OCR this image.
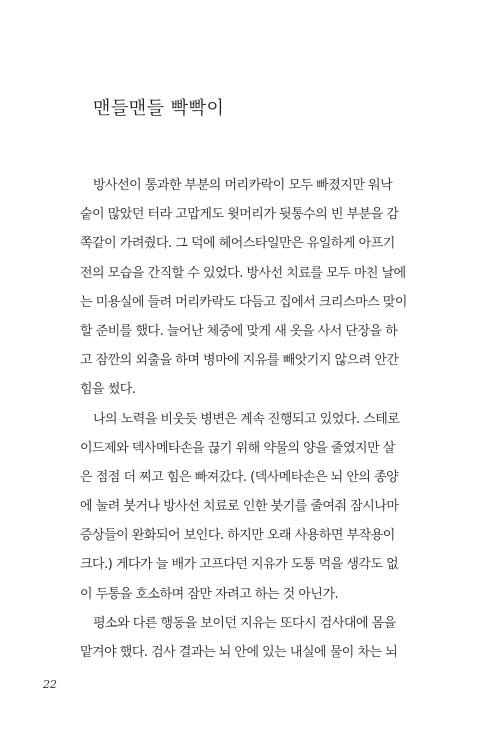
맨들맨들 빡빡이
방사선이 통과한 부분의 머리카락이 모두 빠졌지만 워낙
숱이 많았던 터라 고맙게도 윗머리가 뒷통수의 빈 부분을 감
쪽같이 가려줬다. 그 덕에 헤어스타일만은 유일하게 아프기
전의 모습을 간직할 수 있었다. 방사선 치료를 모두 마친 날에
는 미용실에 들려 머리카락도 다듬고 집에서 크리스마스 맞이
할 준비를 했다. 늘어난 체중에 맞게 새 옷을 사서 단장을 하
고 잠깐의 외출을 하며 병마에 지유를 빼앗기지 않으려 안간
힘을 썼다.
나의 노력을 비웃듯 병변은 계속 진행되고 있었다. 스테로
이드제와 덱사메타손을 끊기 위해 약물의 양을 줄였지만 살
은 점점 더 찌고 힘은 빠져갔다. (덱사메타손은 뇌 안의 종양
에 눌려 붓거나 방사선 치료로 인한 붓기를 줄여줘 잠시나마
증상들이 완화되어 보인다. 하지만 오래 사용하면 부작용이
크다.) 게다가 늘 배가 고프다던 지유가 도통 먹을 생각도 없
이 두통을 호소하며 잠만 자려고 하는 것 아닌가.
평소와 다른 행동을 보이던 지유는 또다시 검사대에 몸을
맡겨야 했다. 검사 결과는 뇌 안에 있는 내실에 물이 차는 뇌
22
